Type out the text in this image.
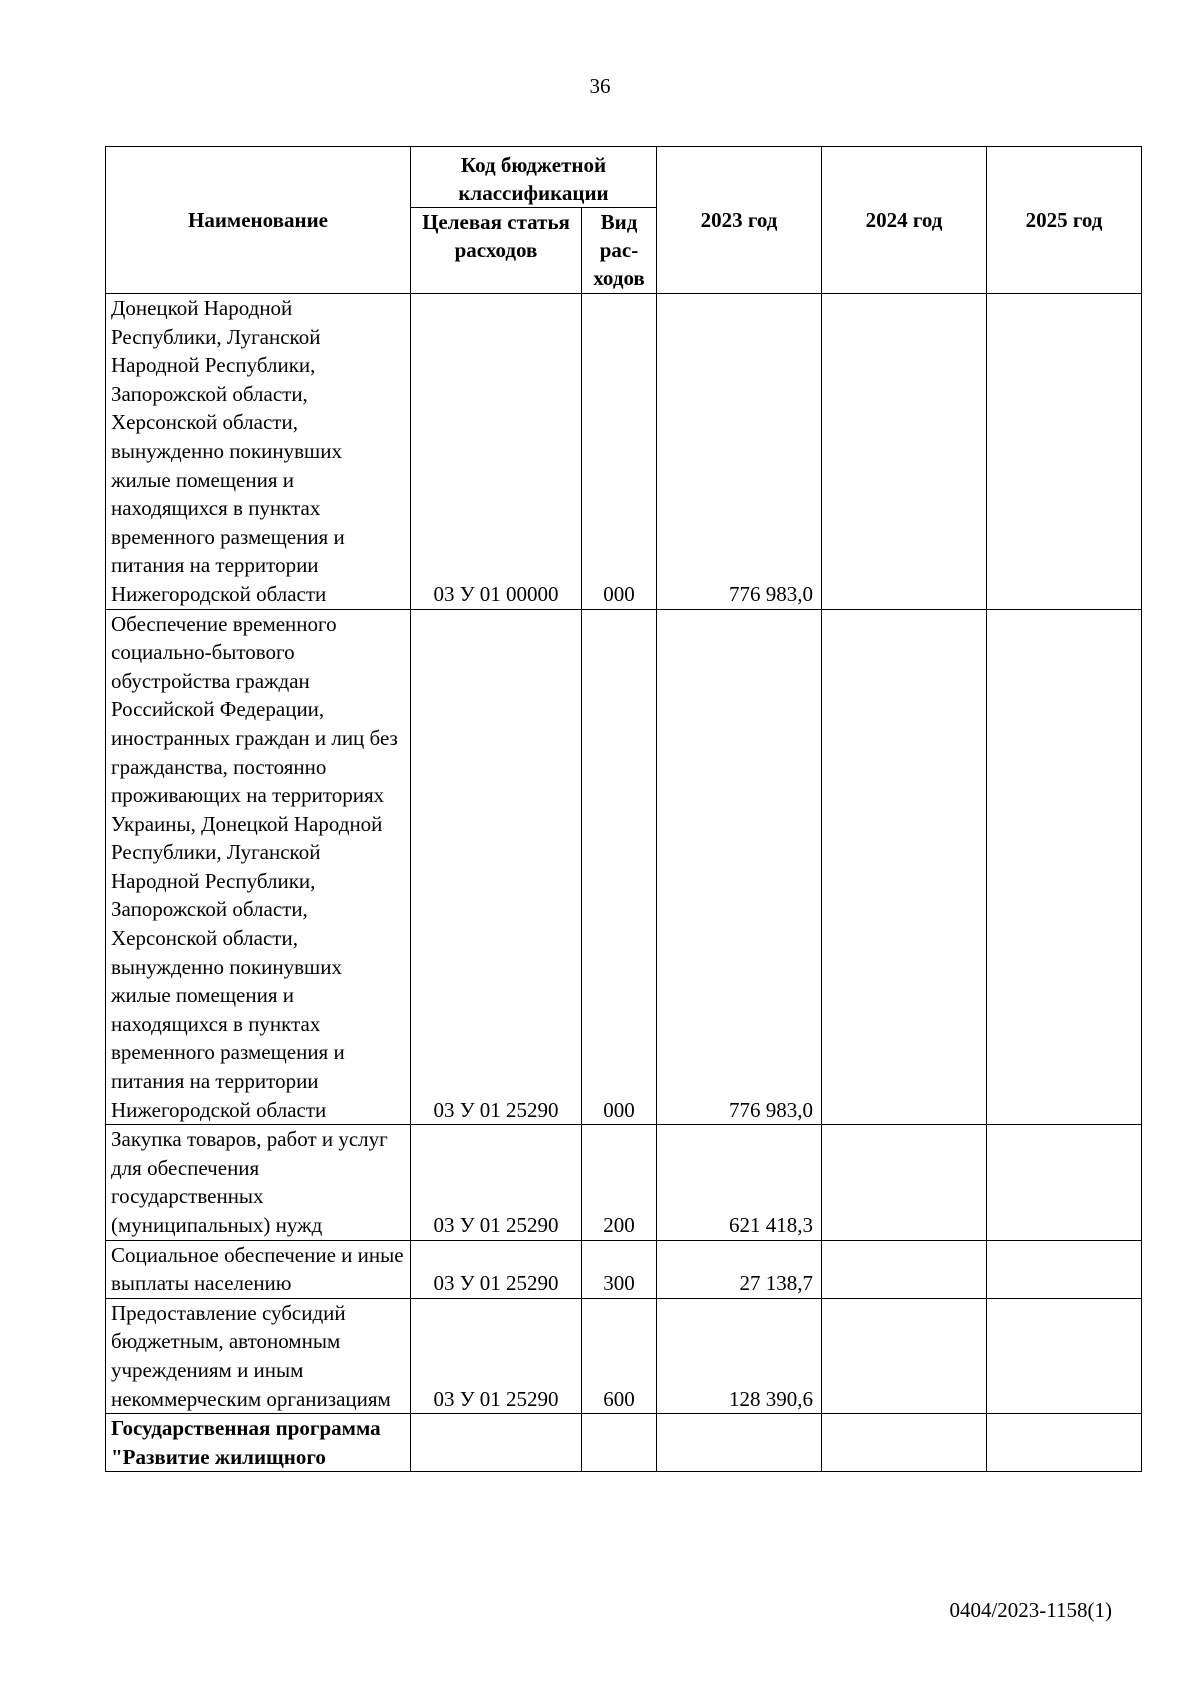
36
Наименование	Код бюджетной классификации		2023 год	2024 год	2025 год
	Целевая статья расходов	Вид рас-ходов			
Донецкой Народной Республики, Луганской Народной Республики, Запорожской области, Херсонской области, вынужденно покинувших жилые помещения и находящихся в пунктах временного размещения и питания на территории Нижегородской области	03 У 01 00000	000	776 983,0		
Обеспечение временного социально-бытового обустройства граждан Российской Федерации, иностранных граждан и лиц без гражданства, постоянно проживающих на территориях Украины, Донецкой Народной Республики, Луганской Народной Республики, Запорожской области, Херсонской области, вынужденно покинувших жилые помещения и находящихся в пунктах временного размещения и питания на территории Нижегородской области	03 У 01 25290	000	776 983,0		
Закупка товаров, работ и услуг для обеспечения государственных (муниципальных) нужд	03 У 01 25290	200	621 418,3		
Социальное обеспечение и иные выплаты населению	03 У 01 25290	300	27 138,7		
Предоставление субсидий бюджетным, автономным учреждениям и иным некоммерческим организациям	03 У 01 25290	600	128 390,6		
Государственная программа "Развитие жилищного					
0404/2023-1158(1)
